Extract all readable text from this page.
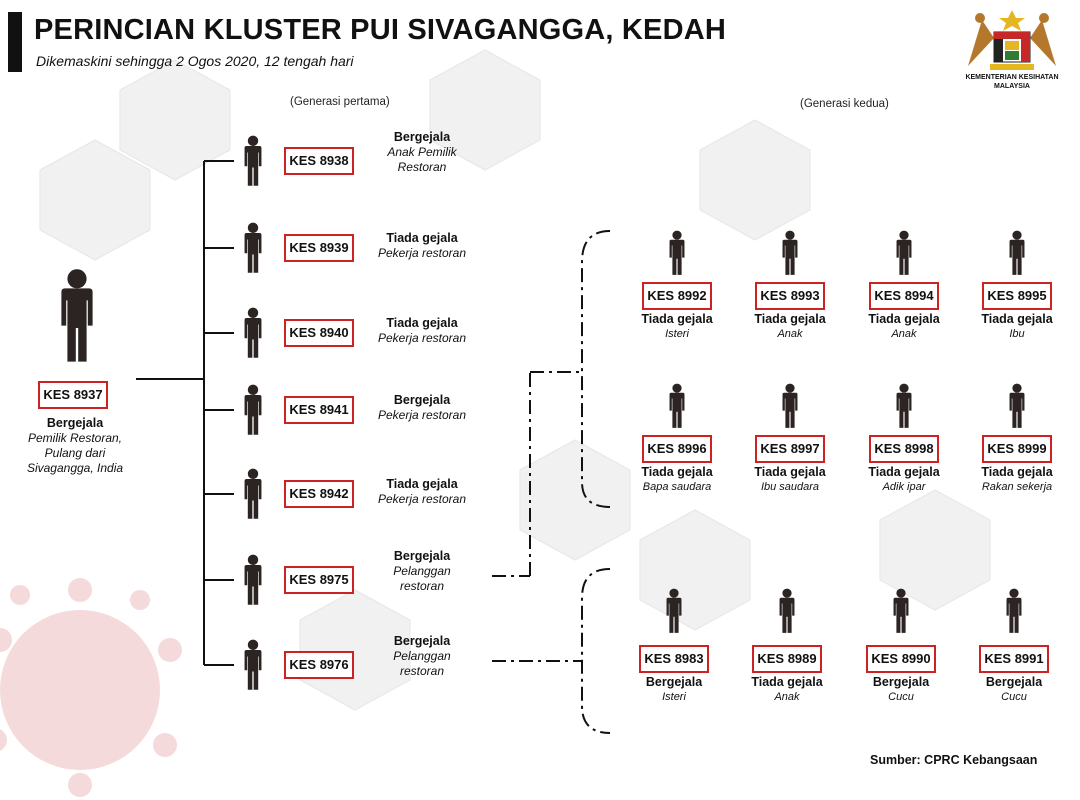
PERINCIAN KLUSTER PUI SIVAGANGGA, KEDAH
Dikemaskini sehingga 2 Ogos 2020, 12 tengah hari
KEMENTERIAN KESIHATAN
MALAYSIA
(Generasi pertama)	(Generasi kedua)
KES 8937
Bergejala
Pemilik Restoran,
Pulang dari
Sivagangga, India
KES 8938
Bergejala
Anak Pemilik
Restoran
KES 8939
Tiada gejala
Pekerja restoran
KES 8940
Tiada gejala
Pekerja restoran
KES 8941
Bergejala
Pekerja restoran
KES 8942
Tiada gejala
Pekerja restoran
KES 8975
Bergejala
Pelanggan
restoran
KES 8976
Bergejala
Pelanggan
restoran
KES 8992
Tiada gejala
Isteri
KES 8993
Tiada gejala
Anak
KES 8994
Tiada gejala
Anak
KES 8995
Tiada gejala
Ibu
KES 8996
Tiada gejala
Bapa saudara
KES 8997
Tiada gejala
Ibu saudara
KES 8998
Tiada gejala
Adik ipar
KES 8999
Tiada gejala
Rakan sekerja
KES 8983
Bergejala
Isteri
KES 8989
Tiada gejala
Anak
KES 8990
Bergejala
Cucu
KES 8991
Bergejala
Cucu
Sumber: CPRC Kebangsaan
